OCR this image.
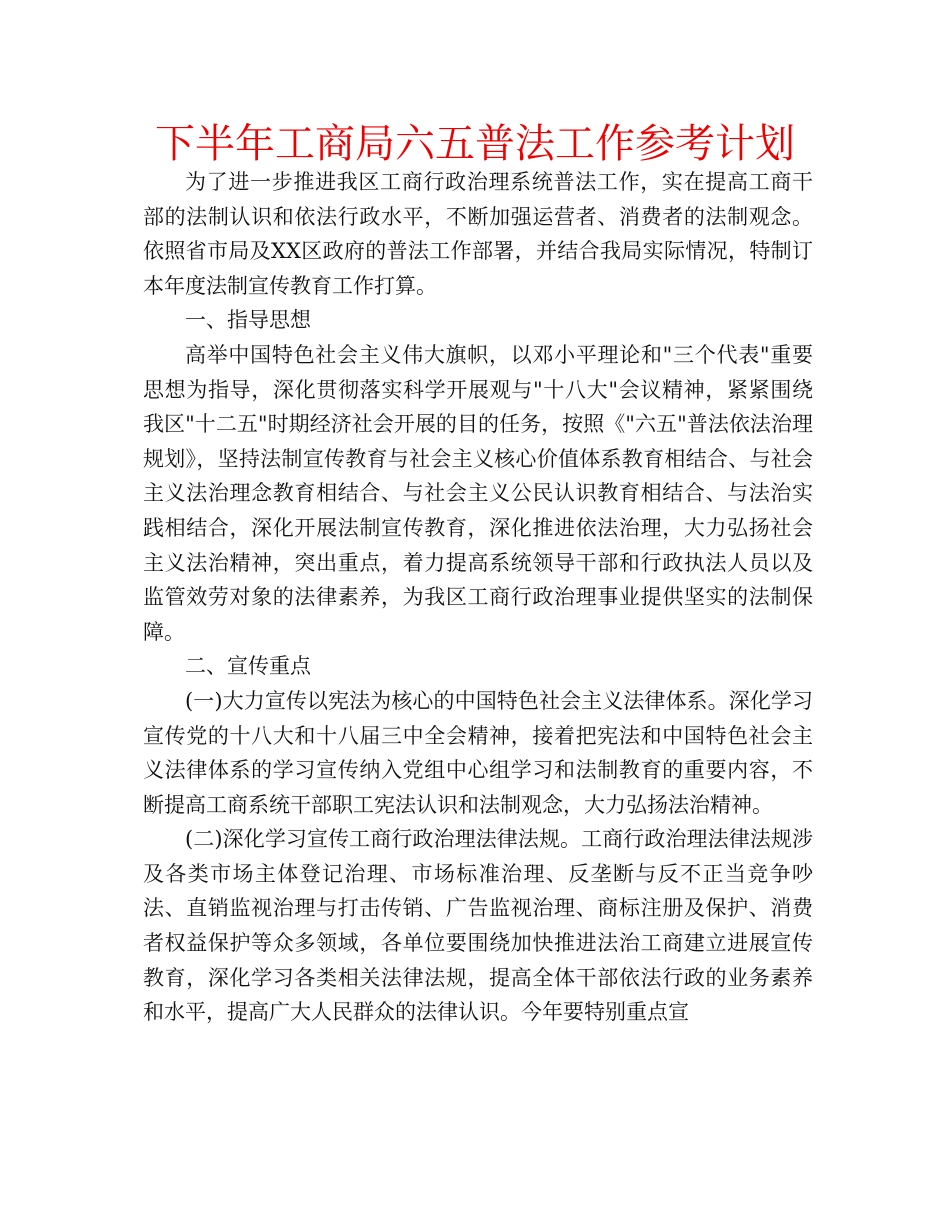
下半年工商局六五普法工作参考计划

为了进一步推进我区工商行政治理系统普法工作，实在提高工商干部的法制认识和依法行政水平，不断加强运营者、消费者的法制观念。依照省市局及XX区政府的普法工作部署，并结合我局实际情况，特制订本年度法制宣传教育工作打算。

一、指导思想

高举中国特色社会主义伟大旗帜，以邓小平理论和"三个代表"重要思想为指导，深化贯彻落实科学开展观与"十八大"会议精神，紧紧围绕我区"十二五"时期经济社会开展的目的任务，按照《"六五"普法依法治理规划》，坚持法制宣传教育与社会主义核心价值体系教育相结合、与社会主义法治理念教育相结合、与社会主义公民认识教育相结合、与法治实践相结合，深化开展法制宣传教育，深化推进依法治理，大力弘扬社会主义法治精神，突出重点，着力提高系统领导干部和行政执法人员以及监管效劳对象的法律素养，为我区工商行政治理事业提供坚实的法制保障。

二、宣传重点

(一)大力宣传以宪法为核心的中国特色社会主义法律体系。深化学习宣传党的十八大和十八届三中全会精神，接着把宪法和中国特色社会主义法律体系的学习宣传纳入党组中心组学习和法制教育的重要内容，不断提高工商系统干部职工宪法认识和法制观念，大力弘扬法治精神。

(二)深化学习宣传工商行政治理法律法规。工商行政治理法律法规涉及各类市场主体登记治理、市场标准治理、反垄断与反不正当竞争吵法、直销监视治理与打击传销、广告监视治理、商标注册及保护、消费者权益保护等众多领域，各单位要围绕加快推进法治工商建立进展宣传教育，深化学习各类相关法律法规，提高全体干部依法行政的业务素养和水平，提高广大人民群众的法律认识。今年要特别重点宣
